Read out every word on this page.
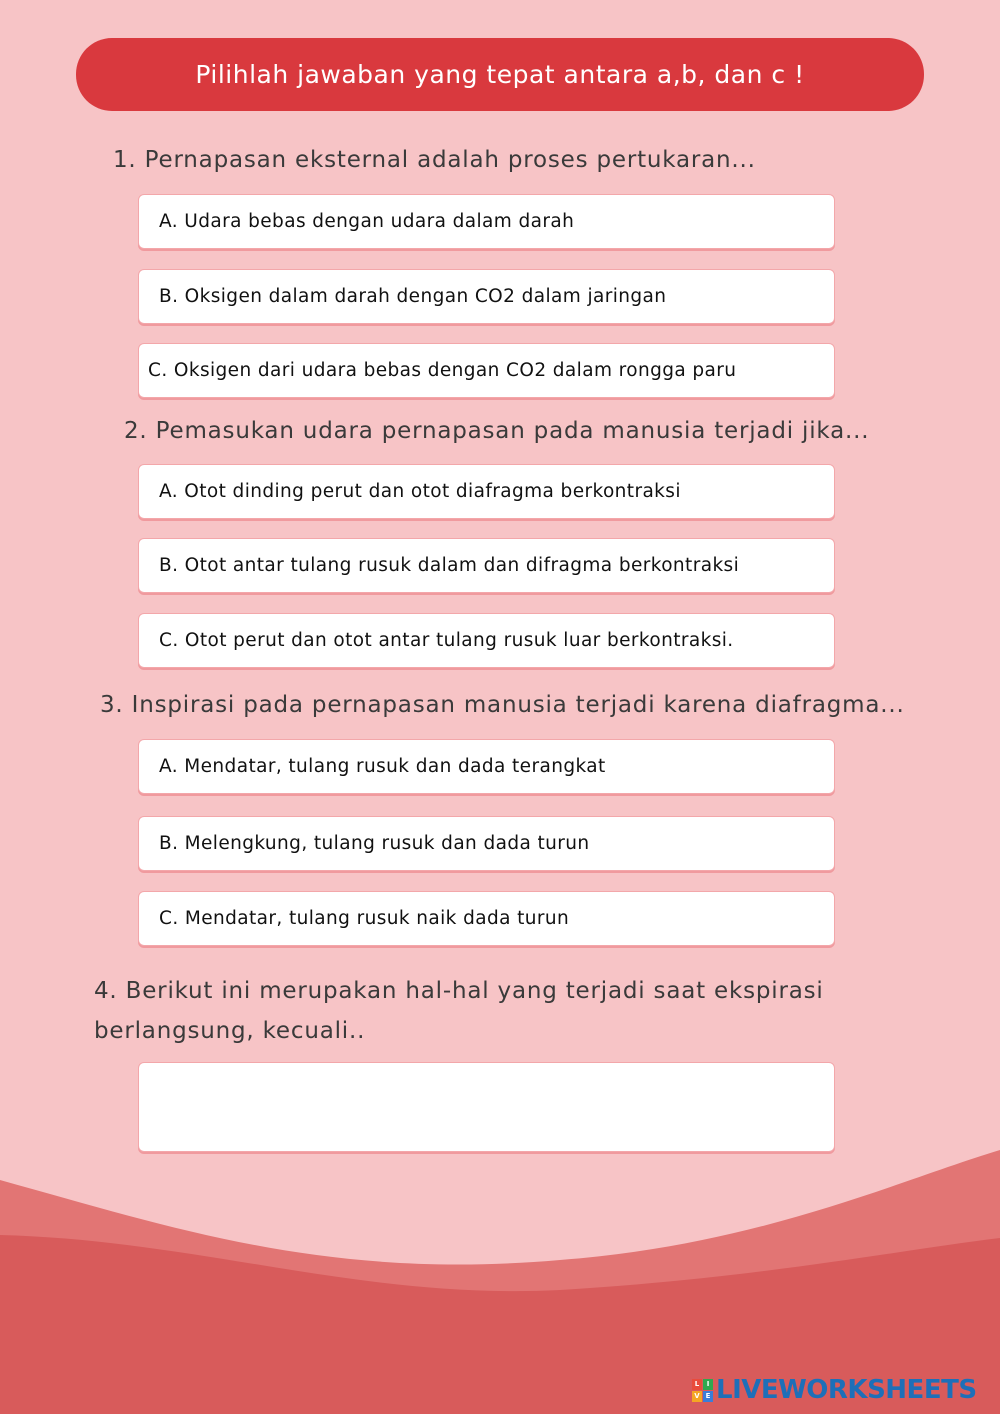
Pilihlah jawaban yang tepat antara a,b, dan c !
1. Pernapasan eksternal adalah proses pertukaran...
A. Udara bebas dengan udara dalam darah
B. Oksigen dalam darah dengan CO2 dalam jaringan
C. Oksigen dari udara bebas dengan CO2 dalam rongga paru
2. Pemasukan udara pernapasan pada manusia terjadi jika...
A. Otot dinding perut dan otot diafragma berkontraksi
B. Otot antar tulang rusuk dalam dan difragma berkontraksi
C. Otot perut dan otot antar tulang rusuk luar berkontraksi.
3. Inspirasi pada pernapasan manusia terjadi karena diafragma...
A. Mendatar, tulang rusuk dan dada terangkat
B. Melengkung, tulang rusuk dan dada turun
C. Mendatar, tulang rusuk naik dada turun
4. Berikut ini merupakan hal-hal yang terjadi saat ekspirasi
berlangsung, kecuali..
L	I
V E LIVEWORKSHEETS
